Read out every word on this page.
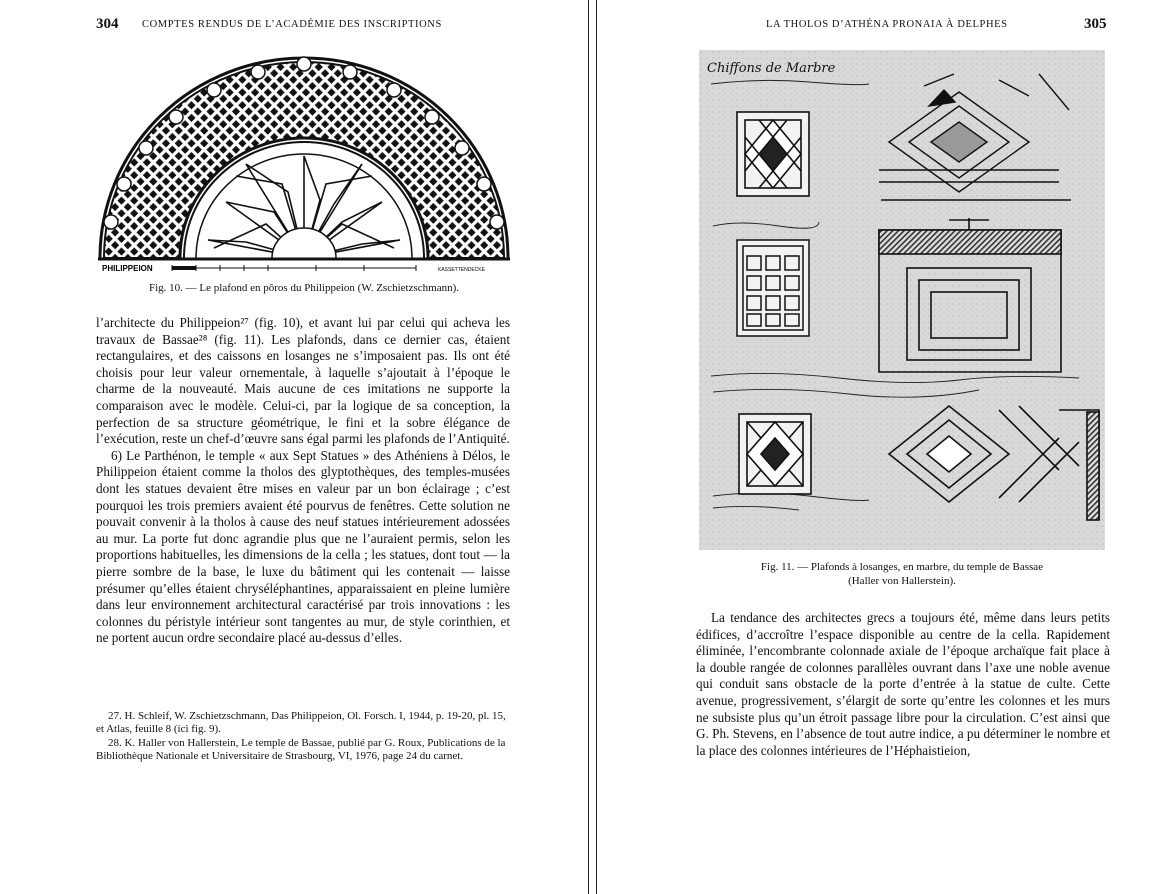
304 COMPTES RENDUS DE L’ACADÉMIE DES INSCRIPTIONS
PHILIPPEION	KASSETTENDECKE
Fig. 10. — Le plafond en pôros du Philippeion (W. Zschietzschmann).

l’architecte du Philippeion²⁷ (fig. 10), et avant lui par celui qui acheva les travaux de Bassae²⁸ (fig. 11). Les plafonds, dans ce dernier cas, étaient rectangulaires, et des caissons en losanges ne s’imposaient pas. Ils ont été choisis pour leur valeur ornementale, à laquelle s’ajoutait à l’époque le charme de la nouveauté. Mais aucune de ces imitations ne supporte la comparaison avec le modèle. Celui-ci, par la logique de sa conception, la perfection de sa structure géométrique, le fini et la sobre élégance de l’exécution, reste un chef-d’œuvre sans égal parmi les plafonds de l’Antiquité.

6) Le Parthénon, le temple « aux Sept Statues » des Athéniens à Délos, le Philippeion étaient comme la tholos des glyptothèques, des temples-musées dont les statues devaient être mises en valeur par un bon éclairage ; c’est pourquoi les trois premiers avaient été pourvus de fenêtres. Cette solution ne pouvait convenir à la tholos à cause des neuf statues intérieurement adossées au mur. La porte fut donc agrandie plus que ne l’auraient permis, selon les proportions habituelles, les dimensions de la cella ; les statues, dont tout — la pierre sombre de la base, le luxe du bâtiment qui les contenait — laisse présumer qu’elles étaient chryséléphantines, apparaissaient en pleine lumière dans leur environnement architectural caractérisé par trois innovations : les colonnes du péristyle intérieur sont tangentes au mur, de style corinthien, et ne portent aucun ordre secondaire placé au-dessus d’elles.

27. H. Schleif, W. Zschietzschmann, Das Philippeion, Ol. Forsch. I, 1944, p. 19-20, pl. 15, et Atlas, feuille 8 (ici fig. 9).

28. K. Haller von Hallerstein, Le temple de Bassae, publié par G. Roux, Publications de la Bibliothèque Nationale et Universitaire de Strasbourg, VI, 1976, page 24 du carnet.

LA THOLOS D’ATHÉNA PRONAIA À DELPHES	305
Chiffons de Marbre
Fig. 11. — Plafonds à losanges, en marbre, du temple de Bassae
(Haller von Hallerstein).

La tendance des architectes grecs a toujours été, même dans leurs petits édifices, d’accroître l’espace disponible au centre de la cella. Rapidement éliminée, l’encombrante colonnade axiale de l’époque archaïque fait place à la double rangée de colonnes parallèles ouvrant dans l’axe une noble avenue qui conduit sans obstacle de la porte d’entrée à la statue de culte. Cette avenue, progressivement, s’élargit de sorte qu’entre les colonnes et les murs ne subsiste plus qu’un étroit passage libre pour la circulation. C’est ainsi que G. Ph. Stevens, en l’absence de tout autre indice, a pu déterminer le nombre et la place des colonnes intérieures de l’Héphaistieion,
